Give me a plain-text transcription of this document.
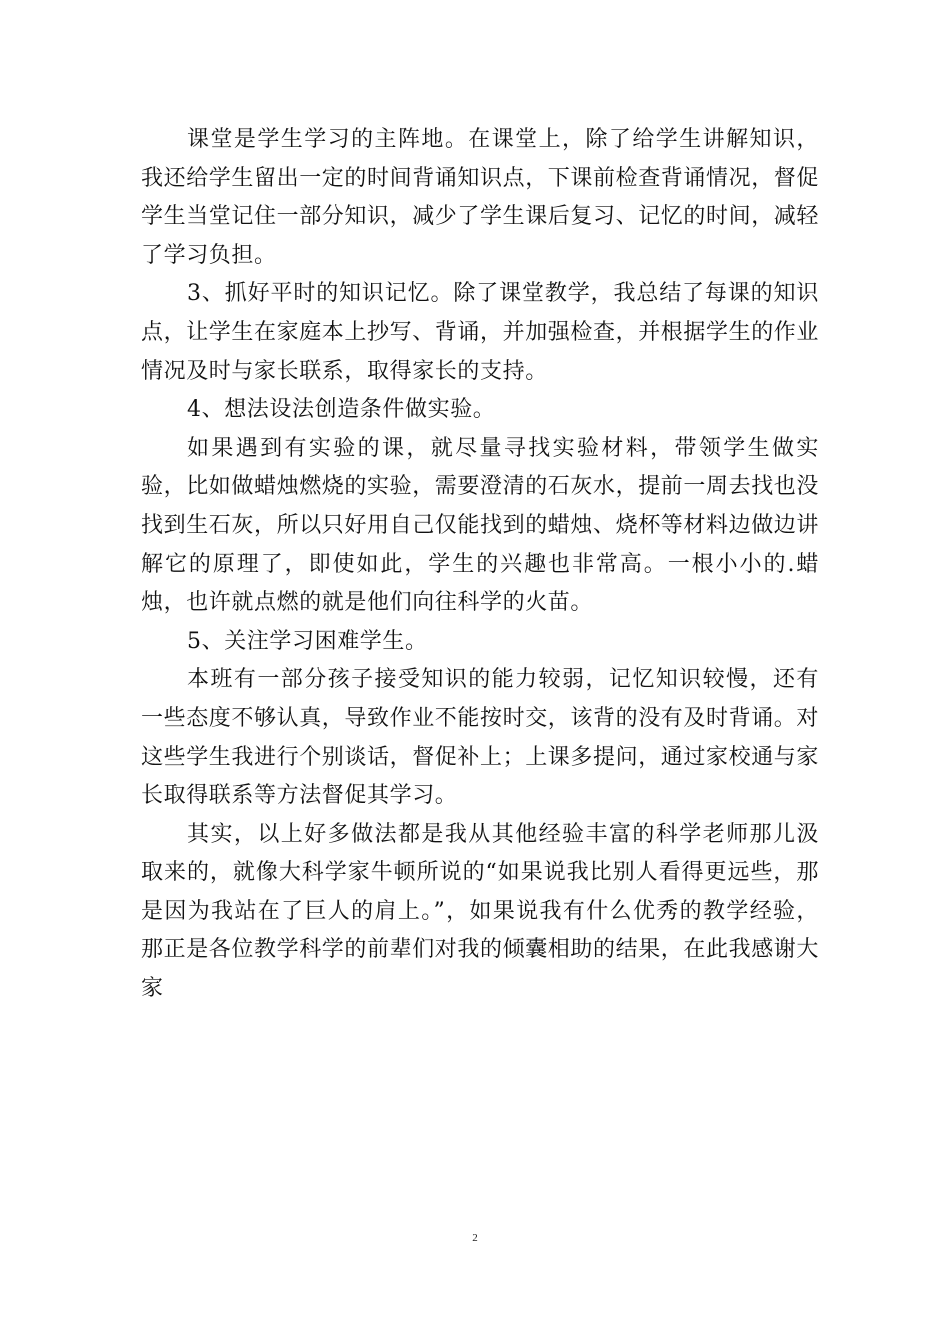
课堂是学生学习的主阵地。在课堂上，除了给学生讲解知识，我还给学生留出一定的时间背诵知识点，下课前检查背诵情况，督促学生当堂记住一部分知识，减少了学生课后复习、记忆的时间，减轻了学习负担。

3、抓好平时的知识记忆。除了课堂教学，我总结了每课的知识点，让学生在家庭本上抄写、背诵，并加强检查，并根据学生的作业情况及时与家长联系，取得家长的支持。

4、想法设法创造条件做实验。

如果遇到有实验的课，就尽量寻找实验材料，带领学生做实验，比如做蜡烛燃烧的实验，需要澄清的石灰水，提前一周去找也没找到生石灰，所以只好用自己仅能找到的蜡烛、烧杯等材料边做边讲解它的原理了，即使如此，学生的兴趣也非常高。一根小小的.蜡烛，也许就点燃的就是他们向往科学的火苗。

5、关注学习困难学生。

本班有一部分孩子接受知识的能力较弱，记忆知识较慢，还有一些态度不够认真，导致作业不能按时交，该背的没有及时背诵。对这些学生我进行个别谈话，督促补上；上课多提问，通过家校通与家长取得联系等方法督促其学习。

其实，以上好多做法都是我从其他经验丰富的科学老师那儿汲取来的，就像大科学家牛顿所说的“如果说我比别人看得更远些，那是因为我站在了巨人的肩上。”，如果说我有什么优秀的教学经验，那正是各位教学科学的前辈们对我的倾囊相助的结果，在此我感谢大家

2
